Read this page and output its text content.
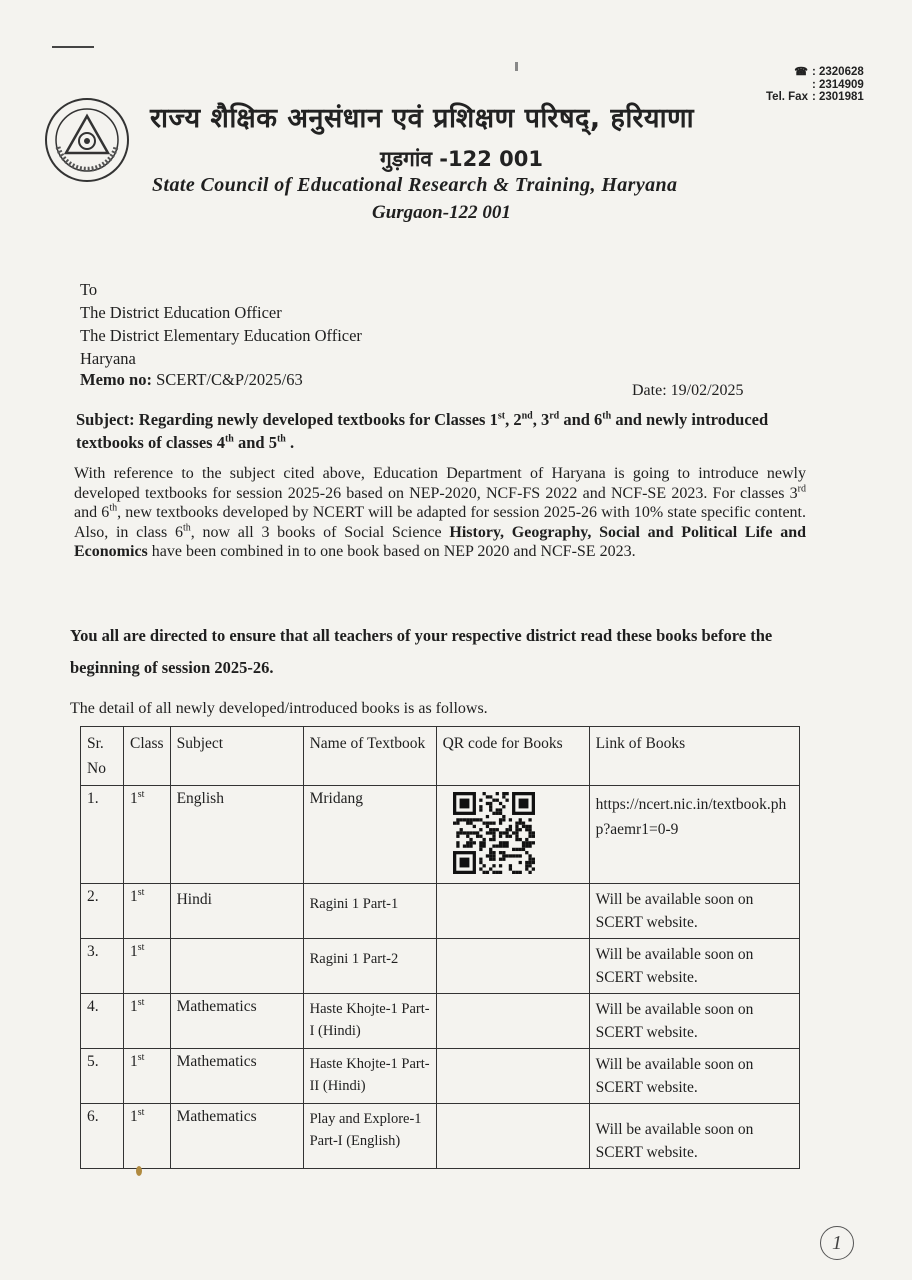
☎ : 2320628
: 2314909
Tel. Fax : 2301981
राज्य शैक्षिक अनुसंधान एवं प्रशिक्षण परिषद्, हरियाणा
गुड़गांव -122 001
State Council of Educational Research & Training, Haryana
Gurgaon-122 001
To
The District Education Officer
The District Elementary Education Officer
Haryana
Memo no: SCERT/C&P/2025/63
Date: 19/02/2025
Subject: Regarding newly developed textbooks for Classes 1st, 2nd, 3rd and 6th and newly introduced textbooks of classes 4th and 5th .
With reference to the subject cited above, Education Department of Haryana is going to introduce newly developed textbooks for session 2025-26 based on NEP-2020, NCF-FS 2022 and NCF-SE 2023. For classes 3rd and 6th, new textbooks developed by NCERT will be adapted for session 2025-26 with 10% state specific content. Also, in class 6th, now all 3 books of Social Science History, Geography, Social and Political Life and Economics have been combined in to one book based on NEP 2020 and NCF-SE 2023.
You all are directed to ensure that all teachers of your respective district read these books before the beginning of session 2025-26.
The detail of all newly developed/introduced books is as follows.
Sr. No	Class	Subject	Name of Textbook	QR code for Books	Link of Books
1.	1st	English	Mridang		https://ncert.nic.in/textbook.php?aemr1=0-9
2.	1st	Hindi	Ragini 1 Part-1		Will be available soon on SCERT website.
3.	1st		Ragini 1 Part-2		Will be available soon on SCERT website.
4.	1st	Mathematics	Haste Khojte-1 Part-I (Hindi)		Will be available soon on SCERT website.
5.	1st	Mathematics	Haste Khojte-1 Part-II (Hindi)		Will be available soon on SCERT website.
6.	1st	Mathematics	Play and Explore-1 Part-I (English)		Will be available soon on SCERT website.
1
